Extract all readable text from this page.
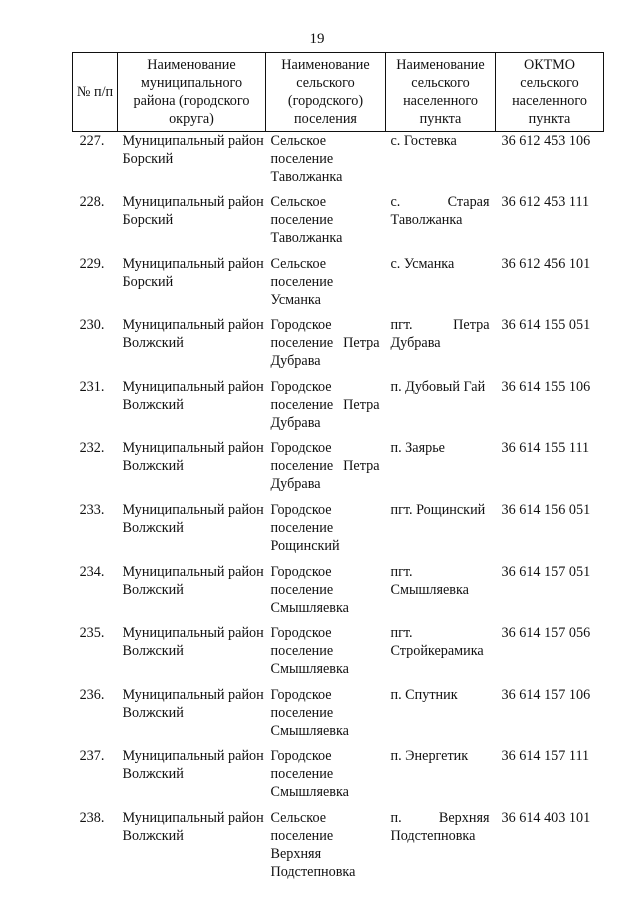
19
№ п/п	Наименование муниципального района (городского округа)	Наименование сельского (городского) поселения	Наименование сельского населенного пункта	ОКТМО сельского населенного пункта
227.	Муниципальный район Борский	Сельское поселение Таволжанка	с. Гостевка	36 612 453 106
228.	Муниципальный район Борский	Сельское поселение Таволжанка	с. Старая Таволжанка	36 612 453 111
229.	Муниципальный район Борский	Сельское поселение Усманка	с. Усманка	36 612 456 101
230.	Муниципальный район Волжский	Городское поселение Петра Дубрава	пгт. Петра Дубрава	36 614 155 051
231.	Муниципальный район Волжский	Городское поселение Петра Дубрава	п. Дубовый Гай	36 614 155 106
232.	Муниципальный район Волжский	Городское поселение Петра Дубрава	п. Заярье	36 614 155 111
233.	Муниципальный район Волжский	Городское поселение Рощинский	пгт. Рощинский	36 614 156 051
234.	Муниципальный район Волжский	Городское поселение Смышляевка	пгт. Смышляевка	36 614 157 051
235.	Муниципальный район Волжский	Городское поселение Смышляевка	пгт. Стройкерамика	36 614 157 056
236.	Муниципальный район Волжский	Городское поселение Смышляевка	п. Спутник	36 614 157 106
237.	Муниципальный район Волжский	Городское поселение Смышляевка	п. Энергетик	36 614 157 111
238.	Муниципальный район Волжский	Сельское поселение Верхняя Подстепновка	п. Верхняя Подстепновка	36 614 403 101
